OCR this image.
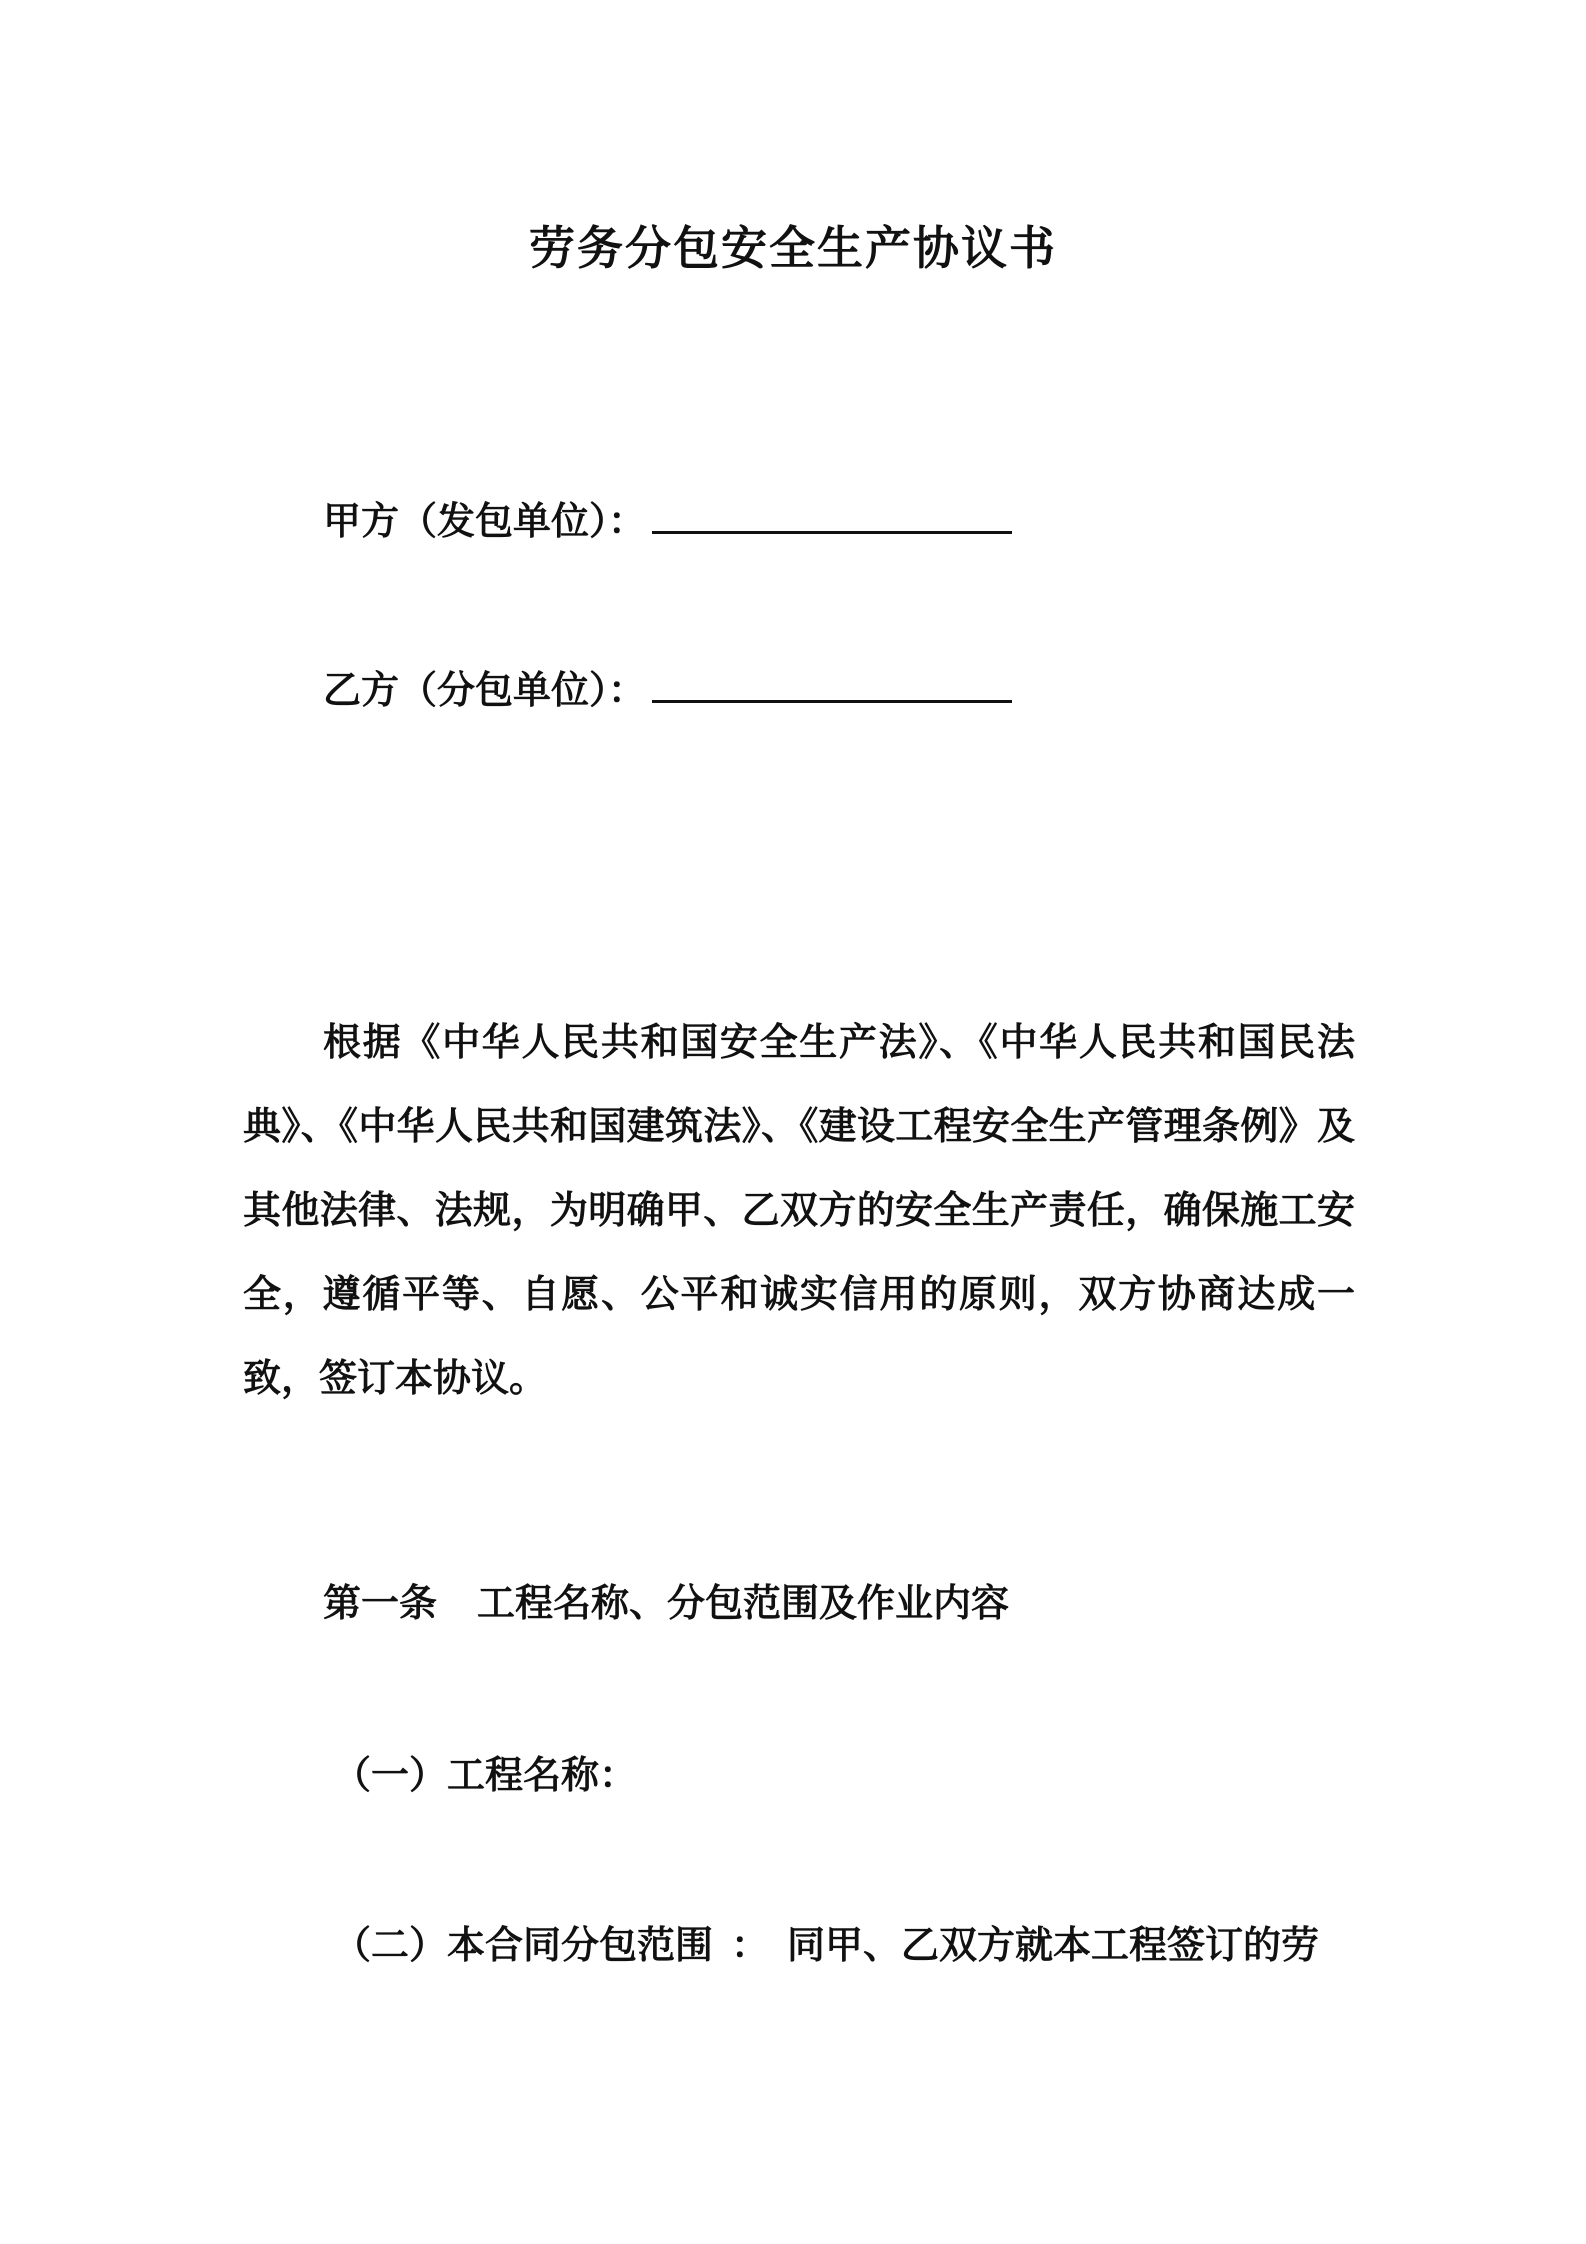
劳务分包安全生产协议书
甲方（发包单位）：
乙方（分包单位）：

根据《中华人民共和国安全生产法》、《中华人民共和国民法典》、《中华人民共和国建筑法》、《建设工程安全生产管理条例》及其他法律、法规，为明确甲、乙双方的安全生产责任，确保施工安全，遵循平等、自愿、公平和诚实信用的原则，双方协商达成一致，签订本协议。

第一条 工程名称、分包范围及作业内容
（一）工程名称：
（二）本合同分包范围 ： 同甲、乙双方就本工程签订的劳
